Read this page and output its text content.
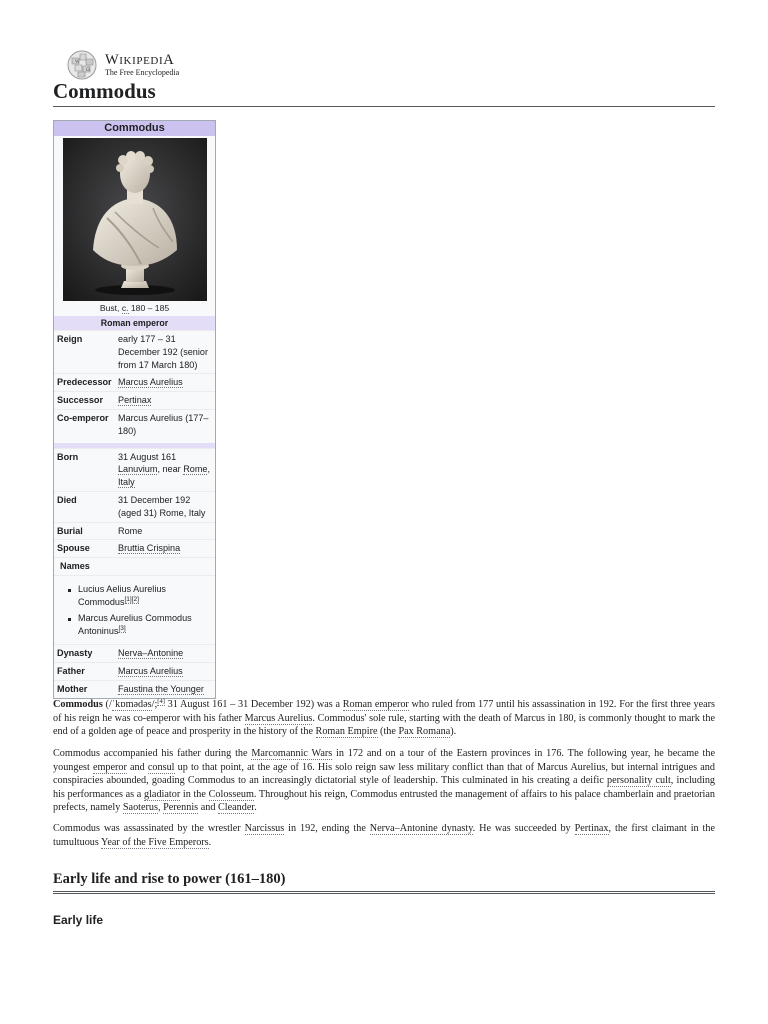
W
Ω
WIKIPEDIA
The Free Encyclopedia
Commodus
Commodus
Bust, c. 180 – 185
Roman emperor
Reign	early 177 – 31 December 192 (senior from 17 March 180)
Predecessor Marcus Aurelius
Successor	Pertinax
Co-emperor	Marcus Aurelius (177–180)
Born	31 August 161
Lanuvium, near Rome,
Italy
Died	31 December 192 (aged 31) Rome, Italy
Burial	Rome
Spouse	Bruttia Crispina
Names
Lucius Aelius Aurelius Commodus[1][2]
Marcus Aurelius Commodus Antoninus[3]
Dynasty	Nerva–Antonine
Father	Marcus Aurelius
Mother	Faustina the Younger

Commodus (/ˈkɒmədəs/;[4] 31 August 161 – 31 December 192) was a Roman emperor who ruled from 177 until his assassination in 192. For the first three years of his reign he was co-emperor with his father Marcus Aurelius. Commodus' sole rule, starting with the death of Marcus in 180, is commonly thought to mark the end of a golden age of peace and prosperity in the history of the Roman Empire (the Pax Romana).

Commodus accompanied his father during the Marcomannic Wars in 172 and on a tour of the Eastern provinces in 176. The following year, he became the youngest emperor and consul up to that point, at the age of 16. His solo reign saw less military conflict than that of Marcus Aurelius, but internal intrigues and conspiracies abounded, goading Commodus to an increasingly dictatorial style of leadership. This culminated in his creating a deific personality cult, including his performances as a gladiator in the Colosseum. Throughout his reign, Commodus entrusted the management of affairs to his palace chamberlain and praetorian prefects, namely Saoterus, Perennis and Cleander.

Commodus was assassinated by the wrestler Narcissus in 192, ending the Nerva–Antonine dynasty. He was succeeded by Pertinax, the first claimant in the tumultuous Year of the Five Emperors.

Early life and rise to power (161–180)
Early life
